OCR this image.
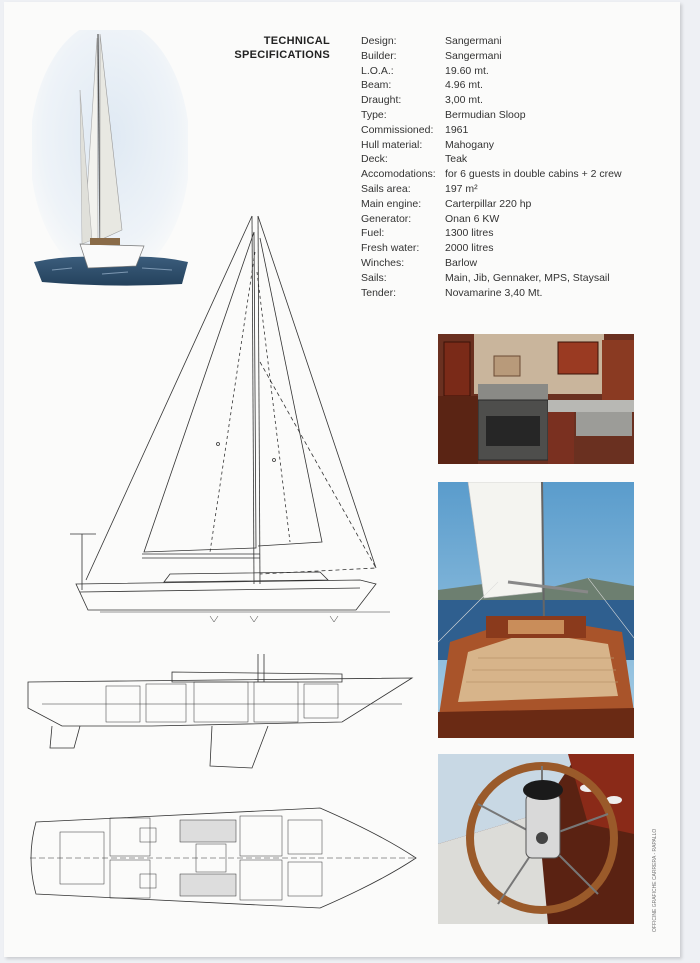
TECHNICAL SPECIFICATIONS
Design:	Sangermani
Builder:	Sangermani
L.O.A.:	19.60 mt.
Beam:	4.96 mt.
Draught:	3,00 mt.
Type:	Bermudian Sloop
Commissioned:	1961
Hull material:	Mahogany
Deck:	Teak
Accomodations:	for 6 guests in double cabins + 2 crew
Sails area:	197 m²
Main engine:	Carterpillar 220 hp
Generator:	Onan 6 KW
Fuel:	1300 litres
Fresh water:	2000 litres
Winches:	Barlow
Sails:	Main, Jib, Gennaker, MPS, Staysail
Tender:	Novamarine 3,40 Mt.
OFFICINE GRAFICHE CARRERA - RAPALLO
